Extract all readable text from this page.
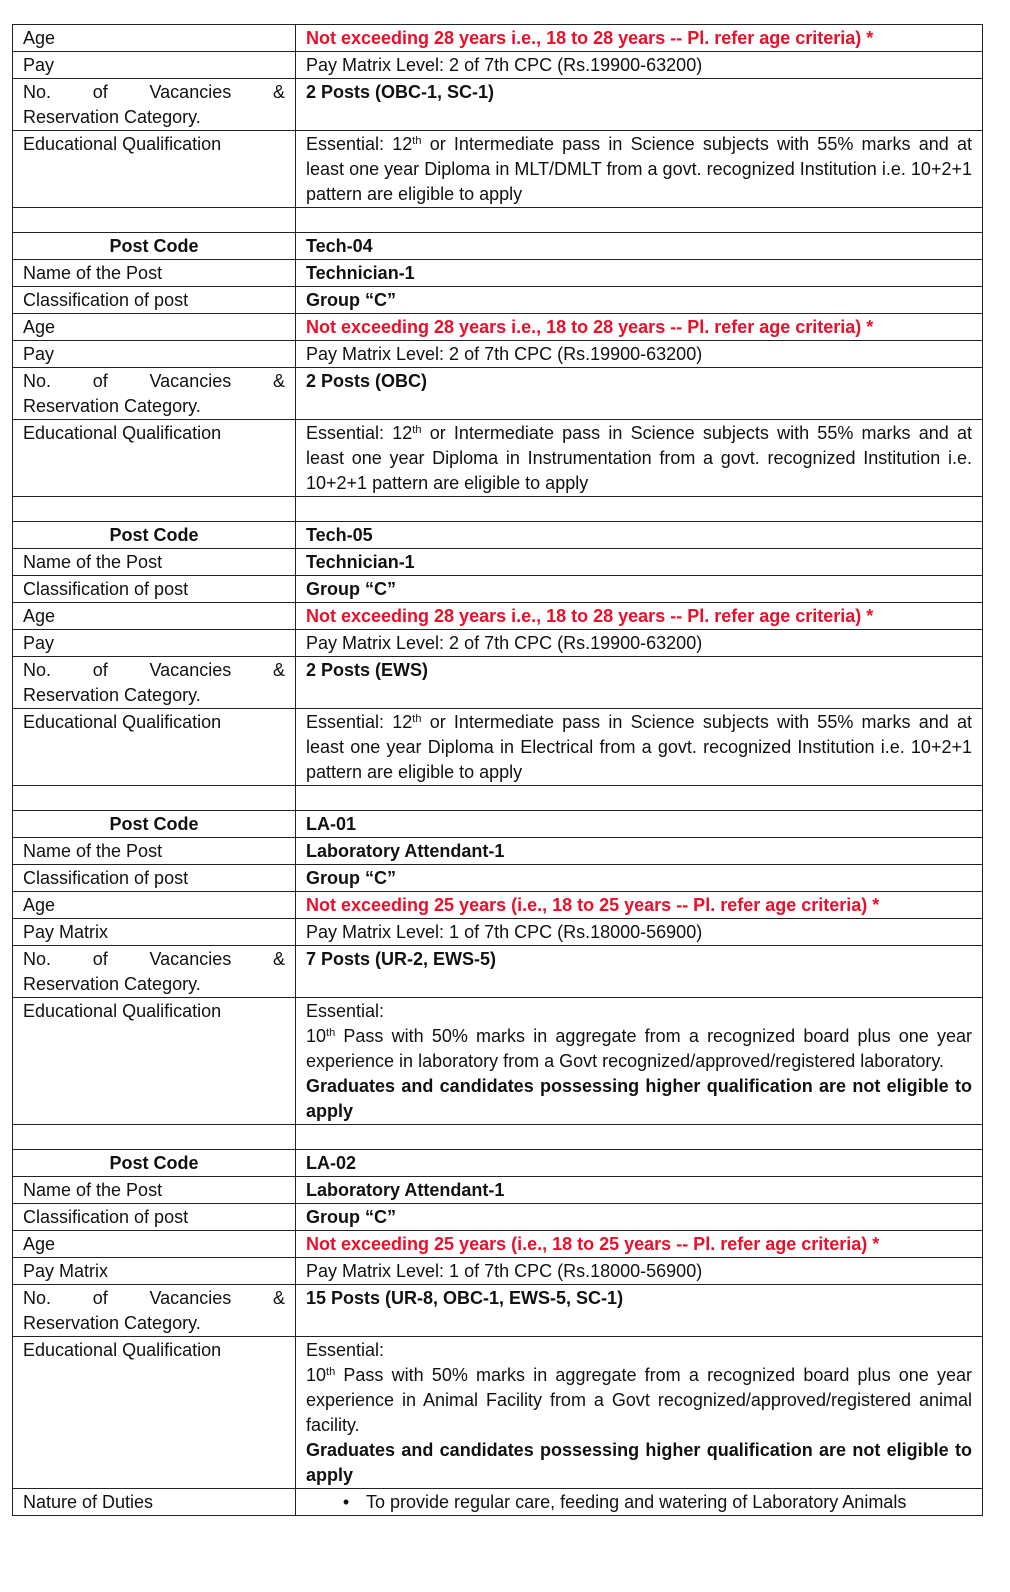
Age	Not exceeding 28 years i.e., 18 to 28 years -- Pl. refer age criteria) *
Pay	Pay Matrix Level: 2 of 7th CPC (Rs.19900-63200)

No. of Vacancies &
Reservation Category.	2 Posts (OBC-1, SC-1)
Educational Qualification	Essential: 12th or Intermediate pass in Science subjects with 55% marks and at least one year Diploma in MLT/DMLT from a govt. recognized Institution i.e. 10+2+1 pattern are eligible to apply

Post Code	Tech-04
Name of the Post	Technician-1
Classification of post	Group “C”
Age	Not exceeding 28 years i.e., 18 to 28 years -- Pl. refer age criteria) *
Pay	Pay Matrix Level: 2 of 7th CPC (Rs.19900-63200)

No. of Vacancies &
Reservation Category.	2 Posts (OBC)
Educational Qualification	Essential: 12th or Intermediate pass in Science subjects with 55% marks and at least one year Diploma in Instrumentation from a govt. recognized Institution i.e. 10+2+1 pattern are eligible to apply

Post Code	Tech-05
Name of the Post	Technician-1
Classification of post	Group “C”
Age	Not exceeding 28 years i.e., 18 to 28 years -- Pl. refer age criteria) *
Pay	Pay Matrix Level: 2 of 7th CPC (Rs.19900-63200)

No. of Vacancies &
Reservation Category.	2 Posts (EWS)
Educational Qualification	Essential: 12th or Intermediate pass in Science subjects with 55% marks and at least one year Diploma in Electrical from a govt. recognized Institution i.e. 10+2+1 pattern are eligible to apply

Post Code	LA-01
Name of the Post	Laboratory Attendant-1
Classification of post	Group “C”
Age	Not exceeding 25 years (i.e., 18 to 25 years -- Pl. refer age criteria) *
Pay Matrix	Pay Matrix Level: 1 of 7th CPC (Rs.18000-56900)

No. of Vacancies &
Reservation Category.	7 Posts (UR-2, EWS-5)
Educational Qualification	Essential:
10th Pass with 50% marks in aggregate from a recognized board plus one year experience in laboratory from a Govt recognized/approved/registered laboratory.
Graduates and candidates possessing higher qualification are not eligible to apply

Post Code	LA-02
Name of the Post	Laboratory Attendant-1
Classification of post	Group “C”
Age	Not exceeding 25 years (i.e., 18 to 25 years -- Pl. refer age criteria) *
Pay Matrix	Pay Matrix Level: 1 of 7th CPC (Rs.18000-56900)

No. of Vacancies &
Reservation Category.	15 Posts (UR-8, OBC-1, EWS-5, SC-1)
Educational Qualification	Essential:
10th Pass with 50% marks in aggregate from a recognized board plus one year experience in Animal Facility from a Govt recognized/approved/registered animal facility.
Graduates and candidates possessing higher qualification are not eligible to apply

Nature of Duties	• To provide regular care, feeding and watering of Laboratory Animals
